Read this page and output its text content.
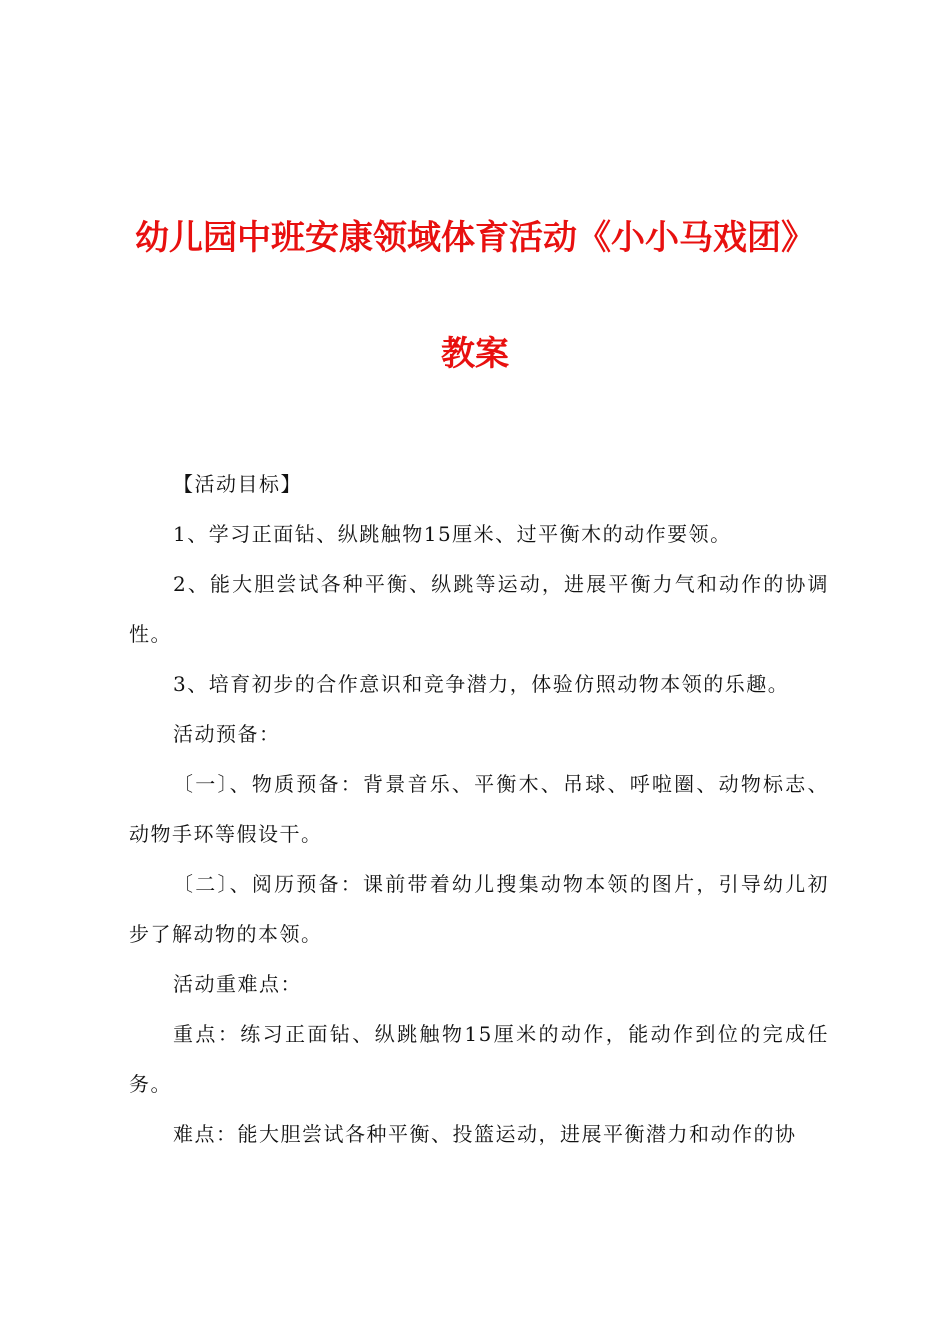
幼儿园中班安康领域体育活动《小小马戏团》
教案

【活动目标】

1、学习正面钻、纵跳触物15厘米、过平衡木的动作要领。

2、能大胆尝试各种平衡、纵跳等运动，进展平衡力气和动作的协调性。

3、培育初步的合作意识和竞争潜力，体验仿照动物本领的乐趣。

活动预备：

〔一〕、物质预备：背景音乐、平衡木、吊球、呼啦圈、动物标志、动物手环等假设干。

〔二〕、阅历预备：课前带着幼儿搜集动物本领的图片，引导幼儿初步了解动物的本领。

活动重难点：

重点：练习正面钻、纵跳触物15厘米的动作，能动作到位的完成任务。

难点：能大胆尝试各种平衡、投篮运动，进展平衡潜力和动作的协
